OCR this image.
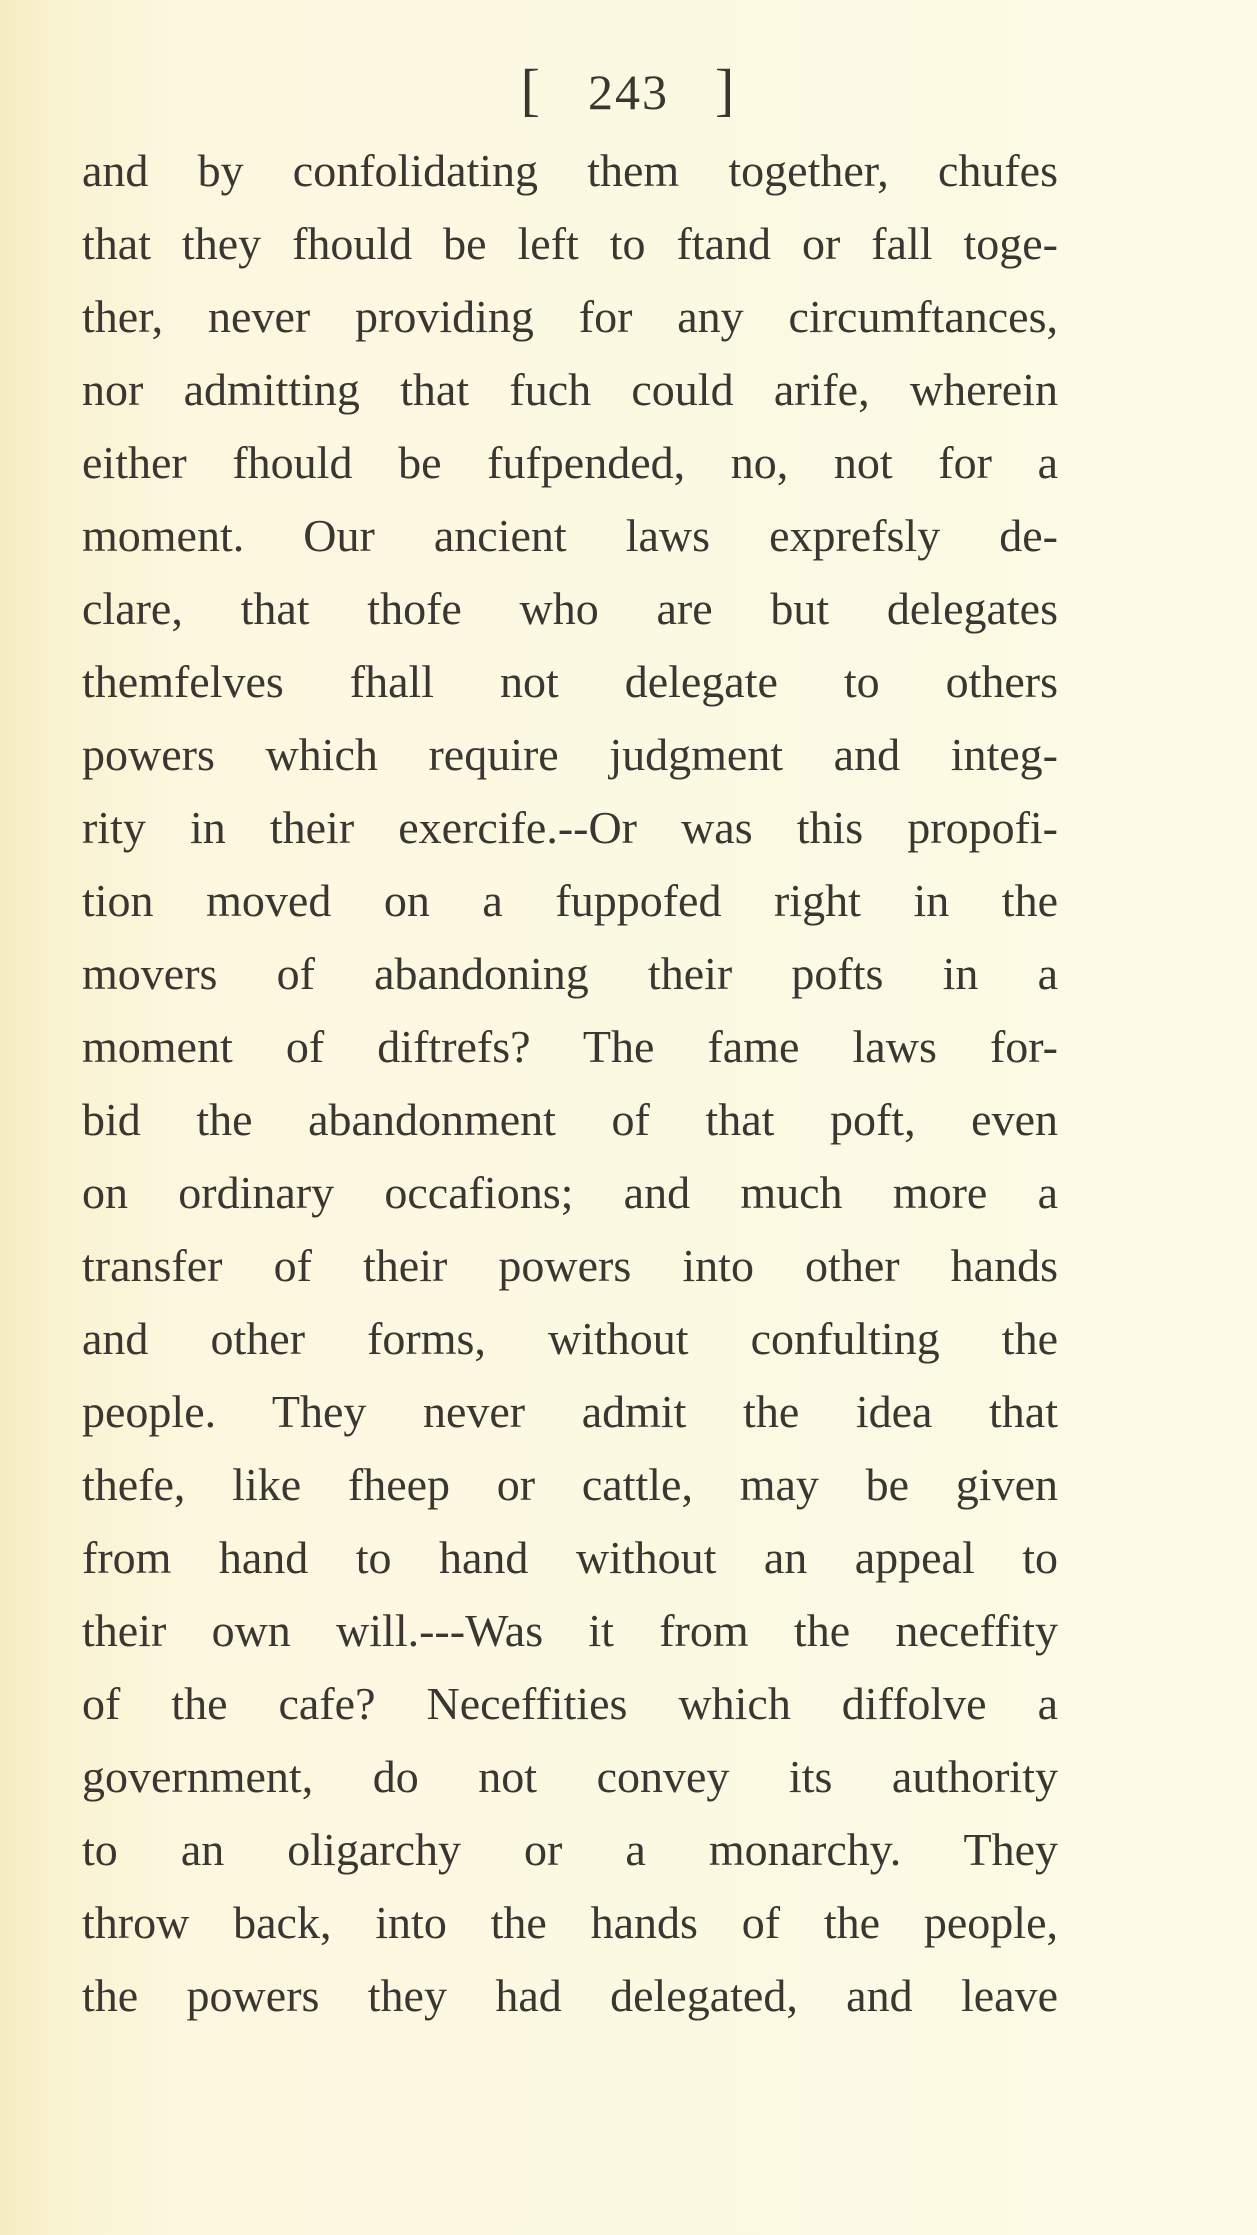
[ 243 ]
and by confolidating them together, chufes
that they fhould be left to ftand or fall toge-
ther, never providing for any circumftances,
nor admitting that fuch could arife, wherein
either fhould be fufpended, no, not for a
moment. Our ancient laws exprefsly de-
clare, that thofe who are but delegates
themfelves fhall not delegate to others
powers which require judgment and integ-
rity in their exercife.--Or was this propofi-
tion moved on a fuppofed right in the
movers of abandoning their pofts in a
moment of diftrefs? The fame laws for-
bid the abandonment of that poft, even
on ordinary occafions; and much more a
transfer of their powers into other hands
and other forms, without confulting the
people. They never admit the idea that
thefe, like fheep or cattle, may be given
from hand to hand without an appeal to
their own will.---Was it from the neceffity
of the cafe? Neceffities which diffolve a
government, do not convey its authority
to an oligarchy or a monarchy. They
throw back, into the hands of the people,
the powers they had delegated, and leave
